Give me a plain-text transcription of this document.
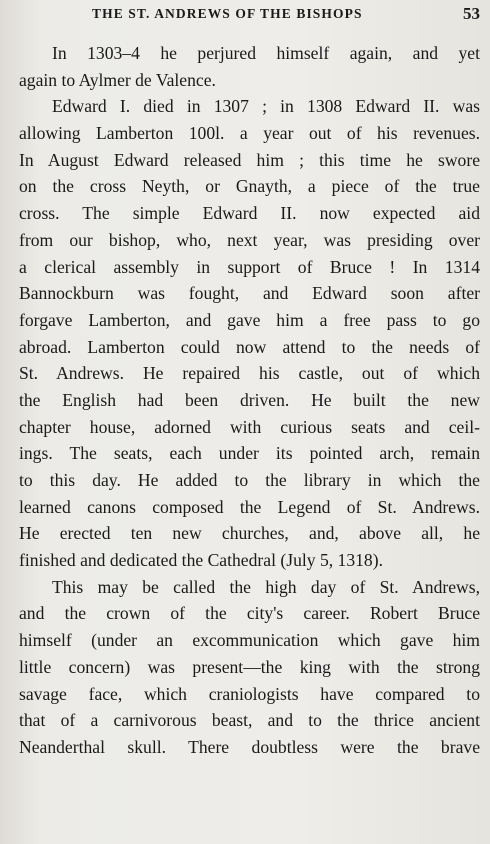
THE ST. ANDREWS OF THE BISHOPS	53
In 1303–4 he perjured himself again, and yet
again to Aylmer de Valence.
Edward I. died in 1307 ; in 1308 Edward II. was
allowing Lamberton 100l. a year out of his revenues.
In August Edward released him ; this time he swore
on the cross Neyth, or Gnayth, a piece of the true
cross. The simple Edward II. now expected aid
from our bishop, who, next year, was presiding over
a clerical assembly in support of Bruce ! In 1314
Bannockburn was fought, and Edward soon after
forgave Lamberton, and gave him a free pass to go
abroad. Lamberton could now attend to the needs of
St. Andrews. He repaired his castle, out of which
the English had been driven. He built the new
chapter house, adorned with curious seats and ceil-
ings. The seats, each under its pointed arch, remain
to this day. He added to the library in which the
learned canons composed the Legend of St. Andrews.
He erected ten new churches, and, above all, he
finished and dedicated the Cathedral (July 5, 1318).
This may be called the high day of St. Andrews,
and the crown of the city's career. Robert Bruce
himself (under an excommunication which gave him
little concern) was present—the king with the strong
savage face, which craniologists have compared to
that of a carnivorous beast, and to the thrice ancient
Neanderthal skull. There doubtless were the brave
